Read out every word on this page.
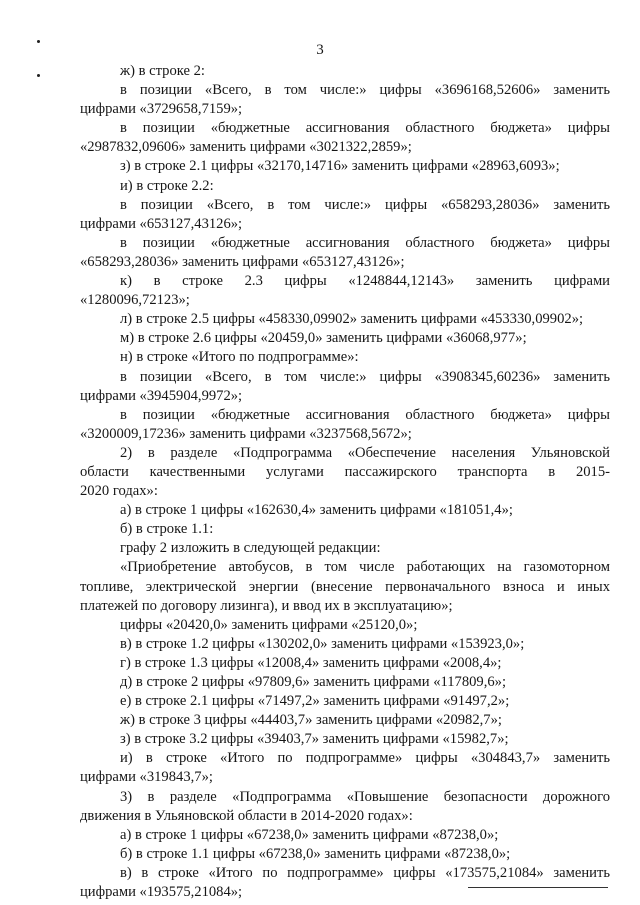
3

ж) в строке 2:

в позиции «Всего, в том числе:» цифры «3696168,52606» заменить

цифрами «3729658,7159»;

в позиции «бюджетные ассигнования областного бюджета» цифры

«2987832,09606» заменить цифрами «3021322,2859»;

з) в строке 2.1 цифры «32170,14716» заменить цифрами «28963,6093»;

и) в строке 2.2:

в позиции «Всего, в том числе:» цифры «658293,28036» заменить

цифрами «653127,43126»;

в позиции «бюджетные ассигнования областного бюджета» цифры

«658293,28036» заменить цифрами «653127,43126»;

к) в строке 2.3 цифры «1248844,12143» заменить цифрами

«1280096,72123»;

л) в строке 2.5 цифры «458330,09902» заменить цифрами «453330,09902»;

м) в строке 2.6 цифры «20459,0» заменить цифрами «36068,977»;

н) в строке «Итого по подпрограмме»:

в позиции «Всего, в том числе:» цифры «3908345,60236» заменить

цифрами «3945904,9972»;

в позиции «бюджетные ассигнования областного бюджета» цифры

«3200009,17236» заменить цифрами «3237568,5672»;

2) в разделе «Подпрограмма «Обеспечение населения Ульяновской

области качественными услугами пассажирского транспорта в 2015-

2020 годах»:

а) в строке 1 цифры «162630,4» заменить цифрами «181051,4»;

б) в строке 1.1:

графу 2 изложить в следующей редакции:

«Приобретение автобусов, в том числе работающих на газомоторном

топливе, электрической энергии (внесение первоначального взноса и иных

платежей по договору лизинга), и ввод их в эксплуатацию»;

цифры «20420,0» заменить цифрами «25120,0»;

в) в строке 1.2 цифры «130202,0» заменить цифрами «153923,0»;

г) в строке 1.3 цифры «12008,4» заменить цифрами «2008,4»;

д) в строке 2 цифры «97809,6» заменить цифрами «117809,6»;

е) в строке 2.1 цифры «71497,2» заменить цифрами «91497,2»;

ж) в строке 3 цифры «44403,7» заменить цифрами «20982,7»;

з) в строке 3.2 цифры «39403,7» заменить цифрами «15982,7»;

и) в строке «Итого по подпрограмме» цифры «304843,7» заменить

цифрами «319843,7»;

3) в разделе «Подпрограмма «Повышение безопасности дорожного

движения в Ульяновской области в 2014-2020 годах»:

а) в строке 1 цифры «67238,0» заменить цифрами «87238,0»;

б) в строке 1.1 цифры «67238,0» заменить цифрами «87238,0»;

в) в строке «Итого по подпрограмме» цифры «173575,21084» заменить

цифрами «193575,21084»;
